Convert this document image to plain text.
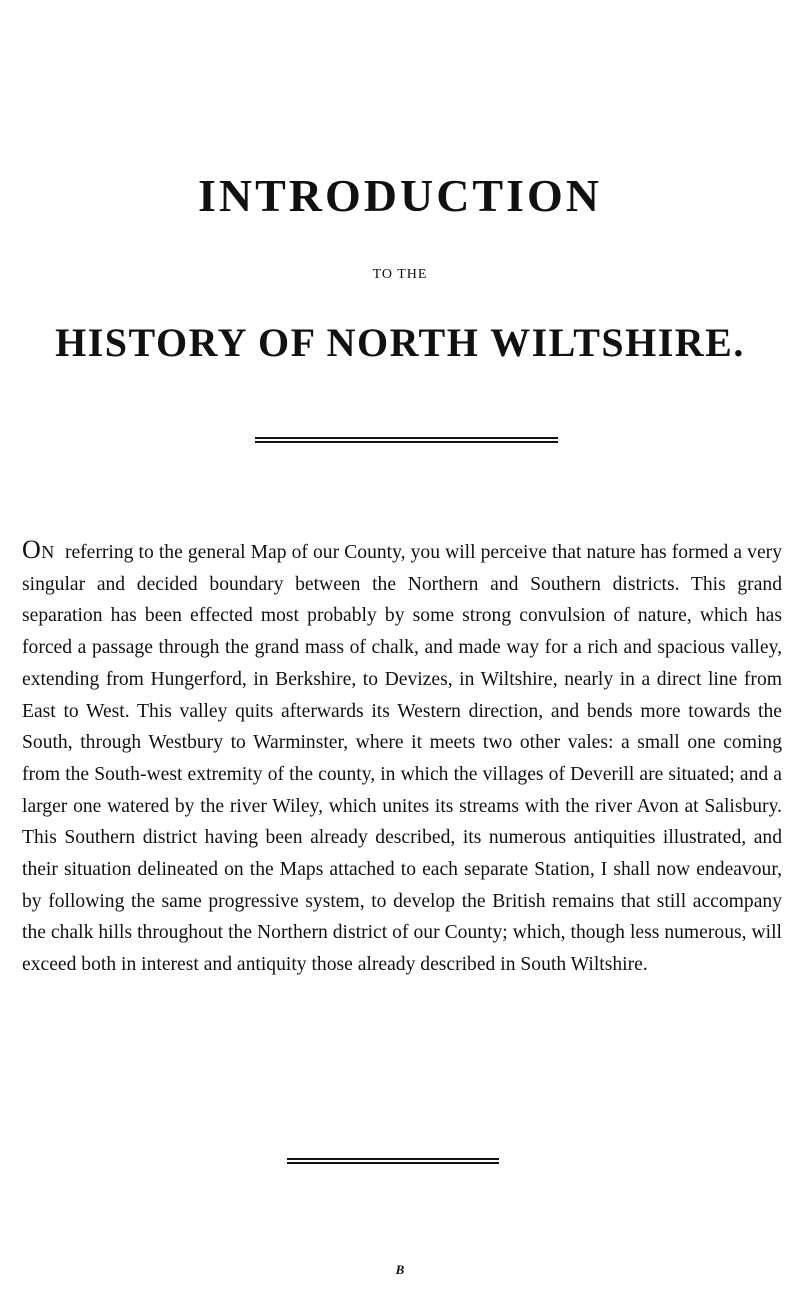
INTRODUCTION
TO THE
HISTORY OF NORTH WILTSHIRE.

On referring to the general Map of our County, you will perceive that nature has formed a very singular and decided boundary between the Northern and Southern districts. This grand separation has been effected most probably by some strong convulsion of nature, which has forced a passage through the grand mass of chalk, and made way for a rich and spacious valley, extending from Hungerford, in Berkshire, to Devizes, in Wiltshire, nearly in a direct line from East to West. This valley quits afterwards its Western direction, and bends more towards the South, through Westbury to Warminster, where it meets two other vales: a small one coming from the South-west extremity of the county, in which the villages of Deverill are situated; and a larger one watered by the river Wiley, which unites its streams with the river Avon at Salisbury. This Southern district having been already described, its numerous antiquities illustrated, and their situation delineated on the Maps attached to each separate Station, I shall now endeavour, by following the same progressive system, to develop the British remains that still accompany the chalk hills throughout the Northern district of our County; which, though less numerous, will exceed both in interest and antiquity those already described in South Wiltshire.

B
